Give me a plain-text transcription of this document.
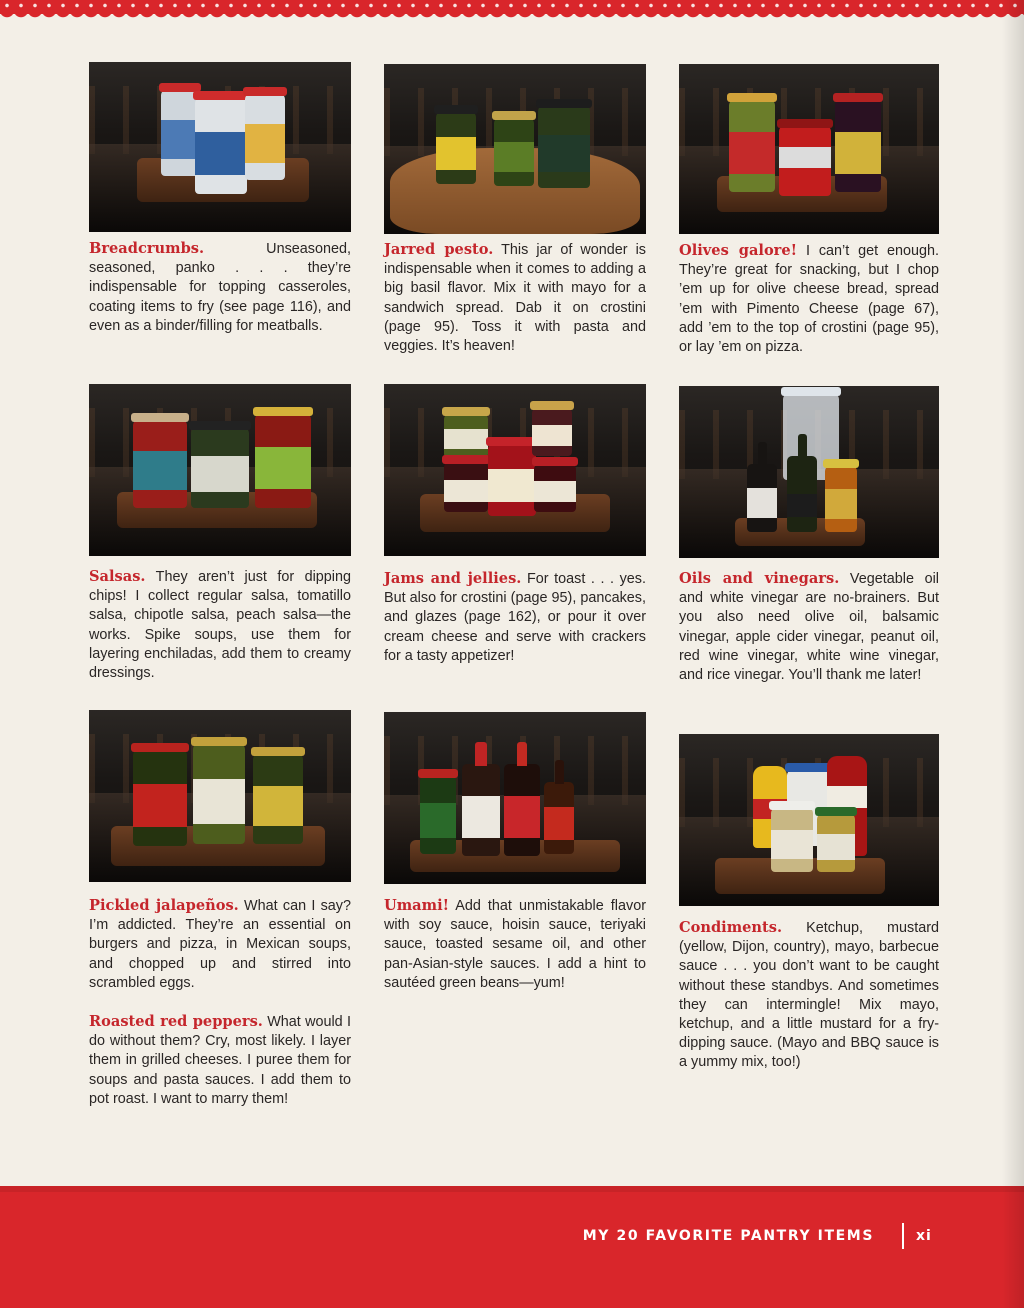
Breadcrumbs. Unseasoned, seasoned, panko . . . they’re indispensable for topping casseroles, coating items to fry (see page 116), and even as a binder/filling for meatballs.

Jarred pesto. This jar of wonder is indispensable when it comes to adding a big basil flavor. Mix it with mayo for a sandwich spread. Dab it on crostini (page 95). Toss it with pasta and veggies. It’s heaven!

Olives galore! I can’t get enough. They’re great for snacking, but I chop ’em up for olive cheese bread, spread ’em with Pimento Cheese (page 67), add ’em to the top of crostini (page 95), or lay ’em on pizza.

Salsas. They aren’t just for dipping chips! I collect regular salsa, tomatillo salsa, chipotle salsa, peach salsa—the works. Spike soups, use them for layering enchiladas, add them to creamy dressings.

Jams and jellies. For toast . . . yes. But also for crostini (page 95), pancakes, and glazes (page 162), or pour it over cream cheese and serve with crackers for a tasty appetizer!

Oils and vinegars. Vegetable oil and white vinegar are no-brainers. But you also need olive oil, balsamic vinegar, apple cider vinegar, peanut oil, red wine vinegar, white wine vinegar, and rice vinegar. You’ll thank me later!

Pickled jalapeños. What can I say? I’m addicted. They’re an essential on burgers and pizza, in Mexican soups, and chopped up and stirred into scrambled eggs.

Umami! Add that unmistakable flavor with soy sauce, hoisin sauce, teriyaki sauce, toasted sesame oil, and other pan-Asian-style sauces. I add a hint to sautéed green beans—yum!

Condiments. Ketchup, mustard (yellow, Dijon, country), mayo, barbecue sauce . . . you don’t want to be caught without these standbys. And sometimes they can intermingle! Mix mayo, ketchup, and a little mustard for a fry-dipping sauce. (Mayo and BBQ sauce is a yummy mix, too!)

Roasted red peppers. What would I do without them? Cry, most likely. I layer them in grilled cheeses. I puree them for soups and pasta sauces. I add them to pot roast. I want to marry them!

MY 20 FAVORITE PANTRY ITEMS	xi
